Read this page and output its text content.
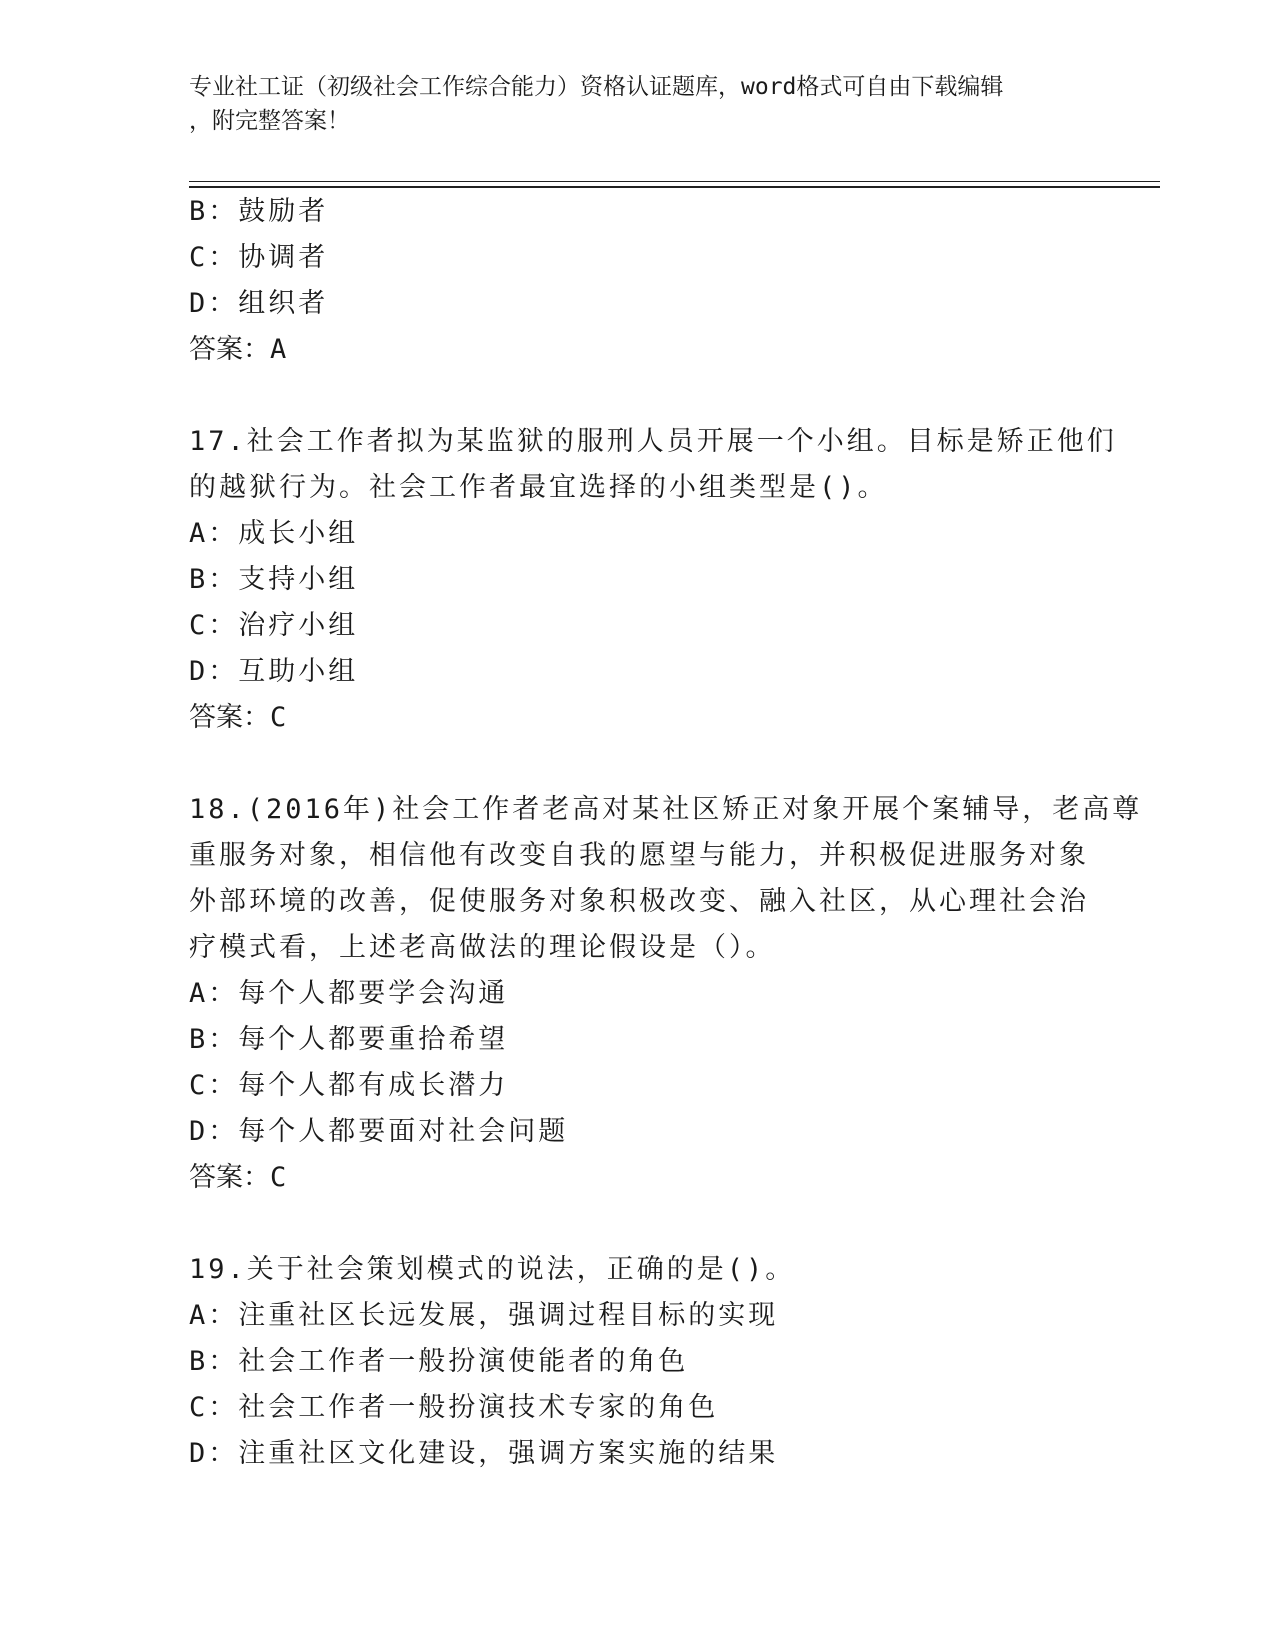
专业社工证（初级社会工作综合能力）资格认证题库，word格式可自由下载编辑
，附完整答案！
B：鼓励者
C：协调者
D：组织者
答案：A
17.社会工作者拟为某监狱的服刑人员开展一个小组。目标是矫正他们
的越狱行为。社会工作者最宜选择的小组类型是()。
A：成长小组
B：支持小组
C：治疗小组
D：互助小组
答案：C
18.(2016年)社会工作者老高对某社区矫正对象开展个案辅导，老高尊
重服务对象，相信他有改变自我的愿望与能力，并积极促进服务对象
外部环境的改善，促使服务对象积极改变、融入社区，从心理社会治
疗模式看，上述老高做法的理论假设是（）。
A：每个人都要学会沟通
B：每个人都要重拾希望
C：每个人都有成长潜力
D：每个人都要面对社会问题
答案：C
19.关于社会策划模式的说法，正确的是()。
A：注重社区长远发展，强调过程目标的实现
B：社会工作者一般扮演使能者的角色
C：社会工作者一般扮演技术专家的角色
D：注重社区文化建设，强调方案实施的结果
